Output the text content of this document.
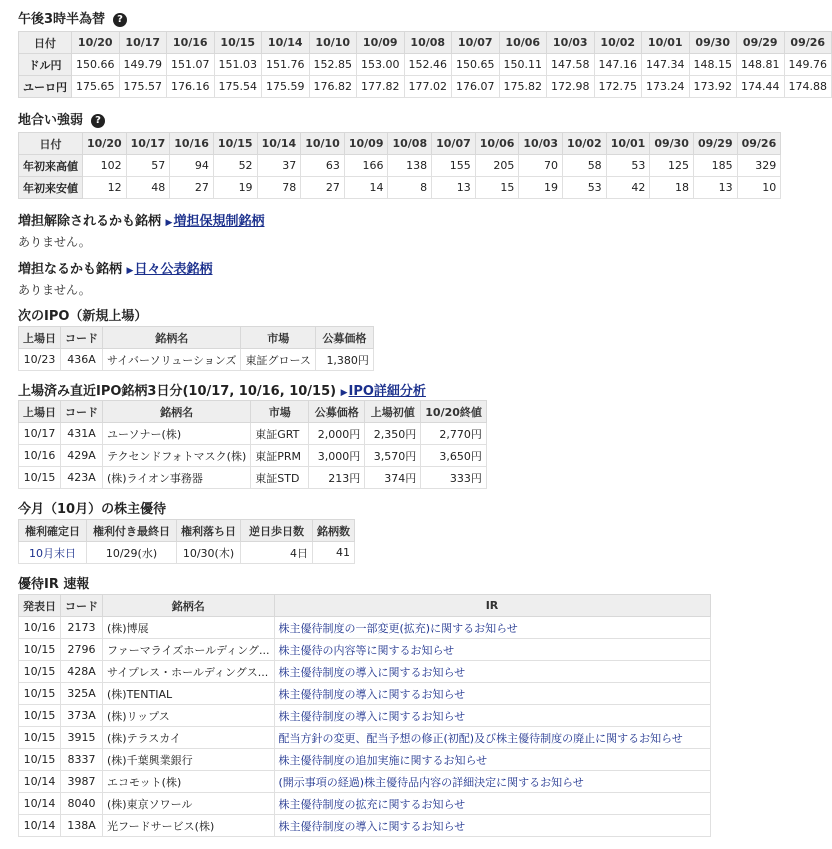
午後3時半為替 ?
日付	10/20	10/17	10/16	10/15	10/14	10/10	10/09	10/08	10/07	10/06	10/03	10/02	10/01	09/30	09/29	09/26
ドル円	150.66	149.79	151.07	151.03	151.76	152.85	153.00	152.46	150.65	150.11	147.58	147.16	147.34	148.15	148.81	149.76
ユーロ円	175.65	175.57	176.16	175.54	175.59	176.82	177.82	177.02	176.07	175.82	172.98	172.75	173.24	173.92	174.44	174.88
地合い強弱 ?
日付	10/20	10/17	10/16	10/15	10/14	10/10	10/09	10/08	10/07	10/06	10/03	10/02	10/01	09/30	09/29	09/26
年初来高値	102	57	94	52	37	63	166	138	155	205	70	58	53	125	185	329
年初来安値	12	48	27	19	78	27	14	8	13	15	19	53	42	18	13	10
増担解除されるかも銘柄 ▶増担保規制銘柄
ありません。
増担なるかも銘柄 ▶日々公表銘柄
ありません。
次のIPO（新規上場）
上場日	コード	銘柄名	市場	公募価格
10/23	436A	サイバーソリューションズ	東証グロース	1,380円
上場済み直近IPO銘柄3日分(10/17, 10/16, 10/15) ▶IPO詳細分析
上場日	コード	銘柄名	市場	公募価格	上場初値	10/20終値
10/17	431A	ユーソナー(株)	東証GRT	2,000円	2,350円	2,770円
10/16	429A	テクセンドフォトマスク(株)	東証PRM	3,000円	3,570円	3,650円
10/15	423A	(株)ライオン事務器	東証STD	213円	374円	333円
今月（10月）の株主優待
権利確定日	権利付き最終日	権利落ち日	逆日歩日数	銘柄数
10月末日	10/29(水)	10/30(木)	4日	41
優待IR 速報
発表日	コード	銘柄名	IR
10/16	2173	(株)博展	株主優待制度の一部変更(拡充)に関するお知らせ
10/15	2796	ファーマライズホールディング...	株主優待の内容等に関するお知らせ
10/15	428A	サイプレス・ホールディングス...	株主優待制度の導入に関するお知らせ
10/15	325A	(株)TENTIAL	株主優待制度の導入に関するお知らせ
10/15	373A	(株)リップス	株主優待制度の導入に関するお知らせ
10/15	3915	(株)テラスカイ	配当方針の変更、配当予想の修正(初配)及び株主優待制度の廃止に関するお知らせ
10/15	8337	(株)千葉興業銀行	株主優待制度の追加実施に関するお知らせ
10/14	3987	エコモット(株)	(開示事項の経過)株主優待品内容の詳細決定に関するお知らせ
10/14	8040	(株)東京ソワール	株主優待制度の拡充に関するお知らせ
10/14	138A	光フードサービス(株)	株主優待制度の導入に関するお知らせ
